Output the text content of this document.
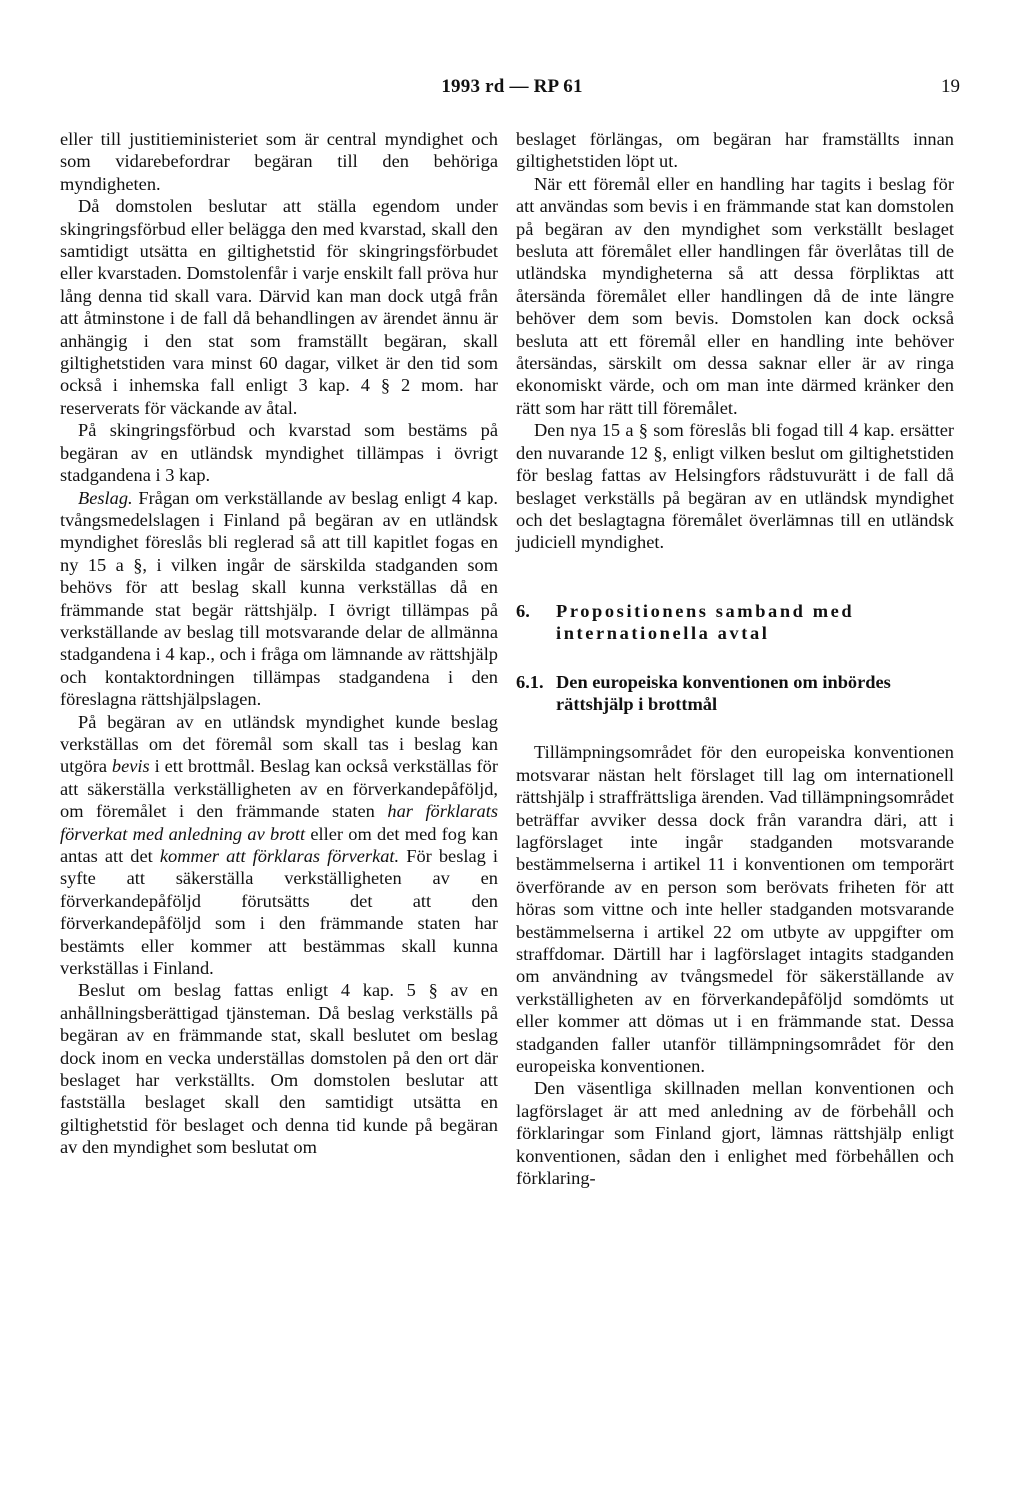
1993 rd — RP 61	19

eller till justitieministeriet som är central myndighet och som vidarebefordrar begäran till den behöriga myndigheten.

Då domstolen beslutar att ställa egendom under skingringsförbud eller belägga den med kvarstad, skall den samtidigt utsätta en giltighetstid för skingringsförbudet eller kvarstaden. Domstolenfår i varje enskilt fall pröva hur lång denna tid skall vara. Därvid kan man dock utgå från att åtminstone i de fall då behandlingen av ärendet ännu är anhängig i den stat som framställt begäran, skall giltighetstiden vara minst 60 dagar, vilket är den tid som också i inhemska fall enligt 3 kap. 4 § 2 mom. har reserverats för väckande av åtal.

På skingringsförbud och kvarstad som bestäms på begäran av en utländsk myndighet tillämpas i övrigt stadgandena i 3 kap.

Beslag. Frågan om verkställande av beslag enligt 4 kap. tvångsmedelslagen i Finland på begäran av en utländsk myndighet föreslås bli reglerad så att till kapitlet fogas en ny 15 a §, i vilken ingår de särskilda stadganden som behövs för att beslag skall kunna verkställas då en främmande stat begär rättshjälp. I övrigt tillämpas på verkställande av beslag till motsvarande delar de allmänna stadgandena i 4 kap., och i fråga om lämnande av rättshjälp och kontaktordningen tillämpas stadgandena i den föreslagna rättshjälpslagen.

På begäran av en utländsk myndighet kunde beslag verkställas om det föremål som skall tas i beslag kan utgöra bevis i ett brottmål. Beslag kan också verkställas för att säkerställa verkställigheten av en förverkandepåföljd, om föremålet i den främmande staten har förklarats förverkat med anledning av brott eller om det med fog kan antas att det kommer att förklaras förverkat. För beslag i syfte att säkerställa verkställigheten av en förverkandepåföljd förutsätts det att den förverkandepåföljd som i den främmande staten har bestämts eller kommer att bestämmas skall kunna verkställas i Finland.

Beslut om beslag fattas enligt 4 kap. 5 § av en anhållningsberättigad tjänsteman. Då beslag verkställs på begäran av en främmande stat, skall beslutet om beslag dock inom en vecka underställas domstolen på den ort där beslaget har verkställts. Om domstolen beslutar att fastställa beslaget skall den samtidigt utsätta en giltighetstid för beslaget och denna tid kunde på begäran av den myndighet som beslutat om

beslaget förlängas, om begäran har framställts innan giltighetstiden löpt ut.

När ett föremål eller en handling har tagits i beslag för att användas som bevis i en främmande stat kan domstolen på begäran av den myndighet som verkställt beslaget besluta att föremålet eller handlingen får överlåtas till de utländska myndigheterna så att dessa förpliktas att återsända föremålet eller handlingen då de inte längre behöver dem som bevis. Domstolen kan dock också besluta att ett föremål eller en handling inte behöver återsändas, särskilt om dessa saknar eller är av ringa ekonomiskt värde, och om man inte därmed kränker den rätt som har rätt till föremålet.

Den nya 15 a § som föreslås bli fogad till 4 kap. ersätter den nuvarande 12 §, enligt vilken beslut om giltighetstiden för beslag fattas av Helsingfors rådstuvurätt i de fall då beslaget verkställs på begäran av en utländsk myndighet och det beslagtagna föremålet överlämnas till en utländsk judiciell myndighet.

6.	Propositionens samband med internationella avtal
6.1. Den europeiska konventionen om inbördes rättshjälp i brottmål

Tillämpningsområdet för den europeiska konventionen motsvarar nästan helt förslaget till lag om internationell rättshjälp i straffrättsliga ärenden. Vad tillämpningsområdet beträffar avviker dessa dock från varandra däri, att i lagförslaget inte ingår stadganden motsvarande bestämmelserna i artikel 11 i konventionen om temporärt överförande av en person som berövats friheten för att höras som vittne och inte heller stadganden motsvarande bestämmelserna i artikel 22 om utbyte av uppgifter om straffdomar. Därtill har i lagförslaget intagits stadganden om användning av tvångsmedel för säkerställande av verkställigheten av en förverkandepåföljd somdömts ut eller kommer att dömas ut i en främmande stat. Dessa stadganden faller utanför tillämpningsområdet för den europeiska konventionen.

Den väsentliga skillnaden mellan konventionen och lagförslaget är att med anledning av de förbehåll och förklaringar som Finland gjort, lämnas rättshjälp enligt konventionen, sådan den i enlighet med förbehållen och förklaring-
